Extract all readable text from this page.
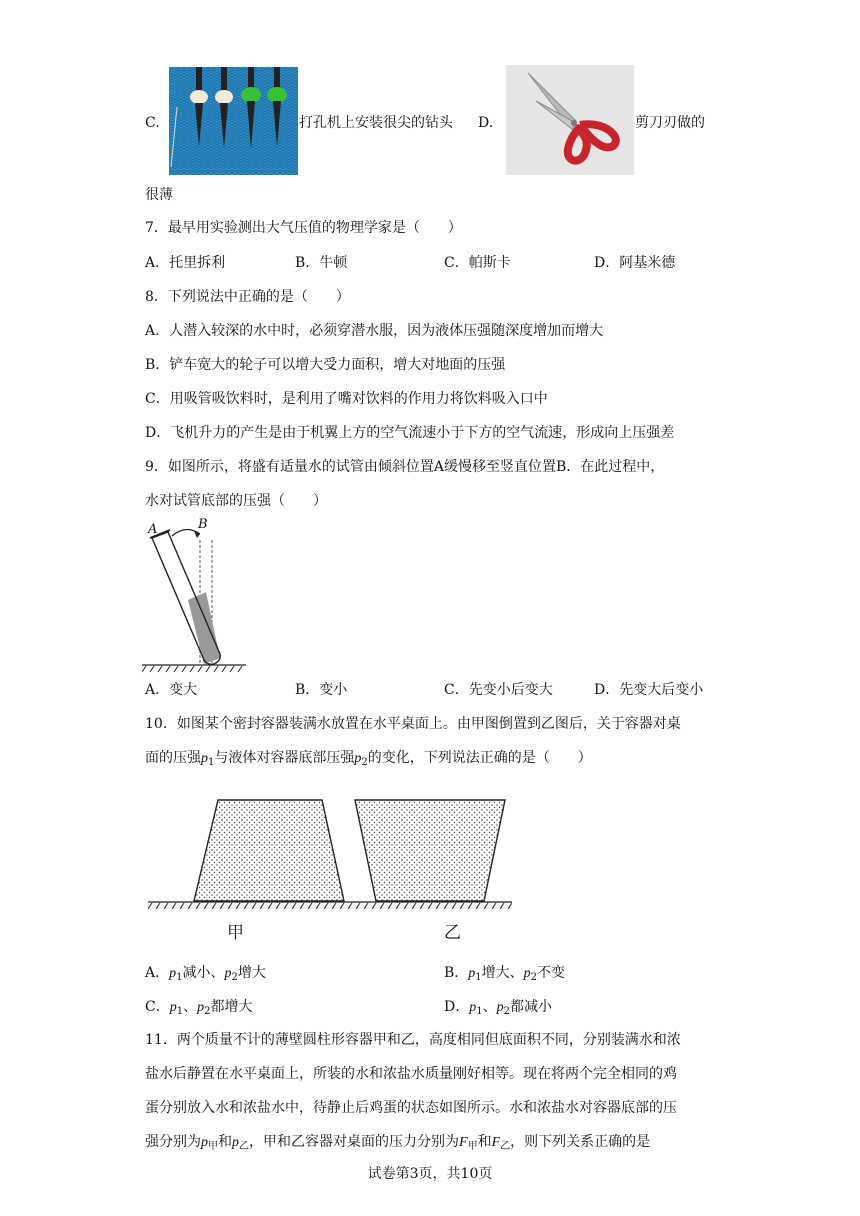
C.	打孔机上安装很尖的钻头 D.	剪刀刃做的
很薄
7．最早用实验测出大气压值的物理学家是（　　）
A．托里拆利	B．牛顿	C．帕斯卡	D．阿基米德
8．下列说法中正确的是（　　）
A．人潜入较深的水中时，必须穿潜水服，因为液体压强随深度增加而增大
B．铲车宽大的轮子可以增大受力面积，增大对地面的压强
C．用吸管吸饮料时，是利用了嘴对饮料的作用力将饮料吸入口中
D．飞机升力的产生是由于机翼上方的空气流速小于下方的空气流速，形成向上压强差
9．如图所示，将盛有适量水的试管由倾斜位置A缓慢移至竖直位置B．在此过程中，
水对试管底部的压强（　　）
A	B
A．变大	B．变小	C．先变小后变大	D．先变大后变小
10．如图某个密封容器装满水放置在水平桌面上。由甲图倒置到乙图后，关于容器对桌
面的压强$p_1$与液体对容器底部压强$p_2$的变化，下列说法正确的是（　　）
甲	乙
A．$p_1$减小、$p_2$增大	B．$p_1$增大、$p_2$不变
C．$p_1$、$p_2$都增大	D．$p_1$、$p_2$都减小
11．两个质量不计的薄壁圆柱形容器甲和乙，高度相同但底面积不同，分别装满水和浓
盐水后静置在水平桌面上，所装的水和浓盐水质量刚好相等。现在将两个完全相同的鸡
蛋分别放入水和浓盐水中，待静止后鸡蛋的状态如图所示。水和浓盐水对容器底部的压
强分别为$p_甲$和$p_乙$，甲和乙容器对桌面的压力分别为$F_甲$和$F_乙$，则下列关系正确的是
试卷第3页，共10页
